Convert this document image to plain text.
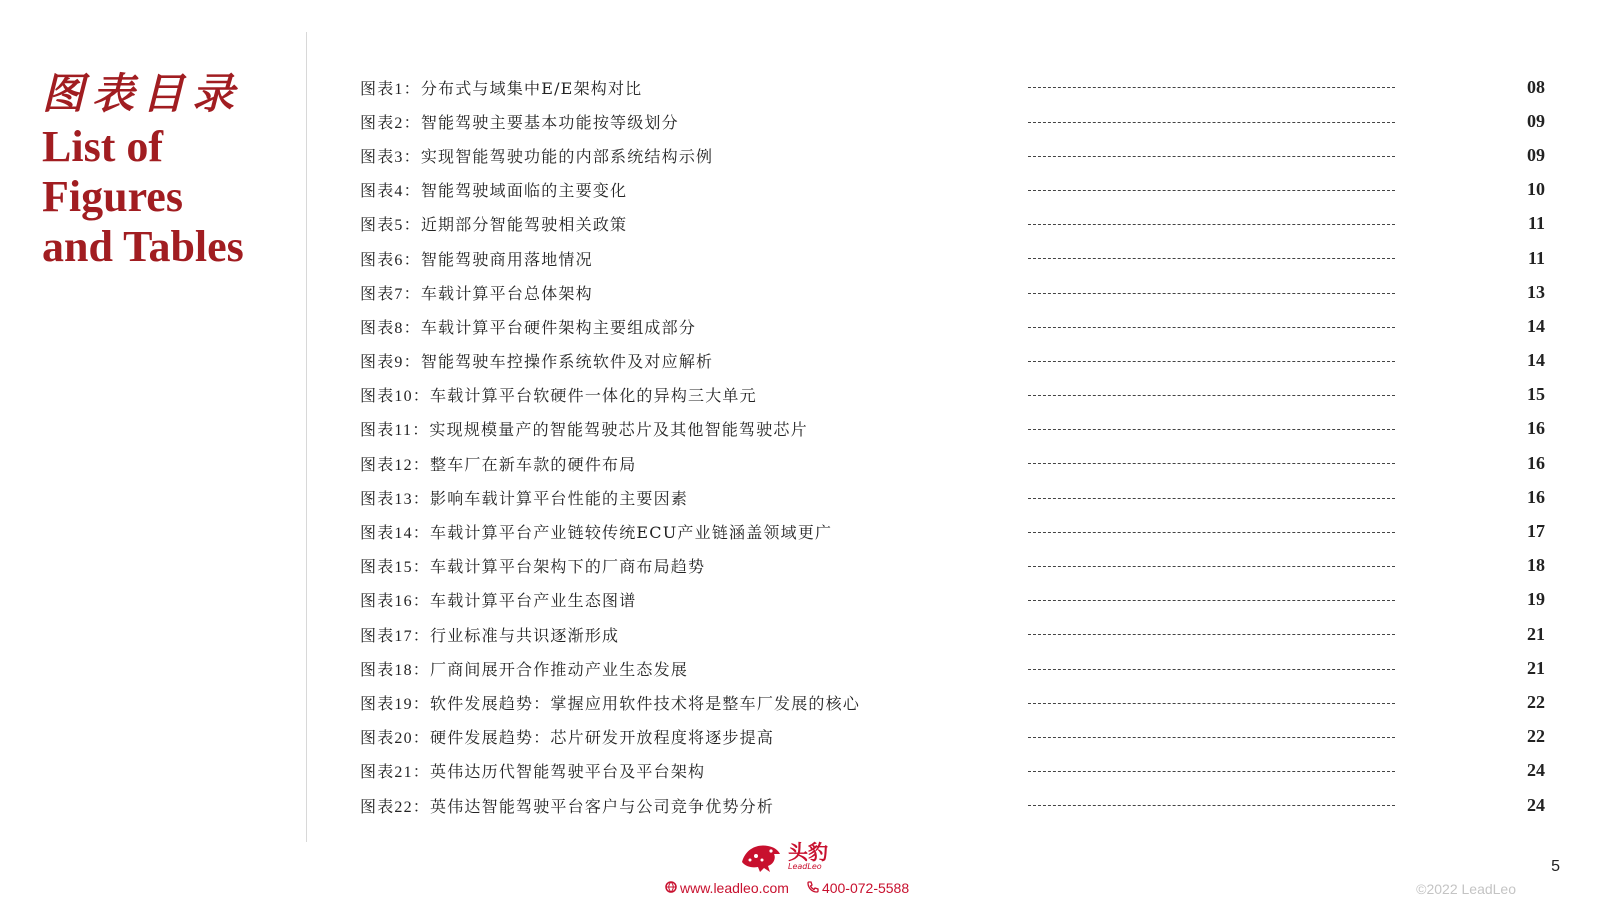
图表目录
List of
Figures
and Tables
图表1：分布式与域集中E/E架构对比	08
图表2：智能驾驶主要基本功能按等级划分	09
图表3：实现智能驾驶功能的内部系统结构示例	09
图表4：智能驾驶域面临的主要变化	10
图表5：近期部分智能驾驶相关政策	11
图表6：智能驾驶商用落地情况	11
图表7：车载计算平台总体架构	13
图表8：车载计算平台硬件架构主要组成部分	14
图表9：智能驾驶车控操作系统软件及对应解析	14
图表10：车载计算平台软硬件一体化的异构三大单元	15
图表11：实现规模量产的智能驾驶芯片及其他智能驾驶芯片	16
图表12：整车厂在新车款的硬件布局	16
图表13：影响车载计算平台性能的主要因素	16
图表14：车载计算平台产业链较传统ECU产业链涵盖领域更广	17
图表15：车载计算平台架构下的厂商布局趋势	18
图表16：车载计算平台产业生态图谱	19
图表17：行业标准与共识逐渐形成	21
图表18：厂商间展开合作推动产业生态发展	21
图表19：软件发展趋势：掌握应用软件技术将是整车厂发展的核心	22
图表20：硬件发展趋势：芯片研发开放程度将逐步提高	22
图表21：英伟达历代智能驾驶平台及平台架构	24
图表22：英伟达智能驾驶平台客户与公司竞争优势分析	24
头豹
LeadLeo
www.leadleo.com	400-072-5588	©2022 LeadLeo
5
